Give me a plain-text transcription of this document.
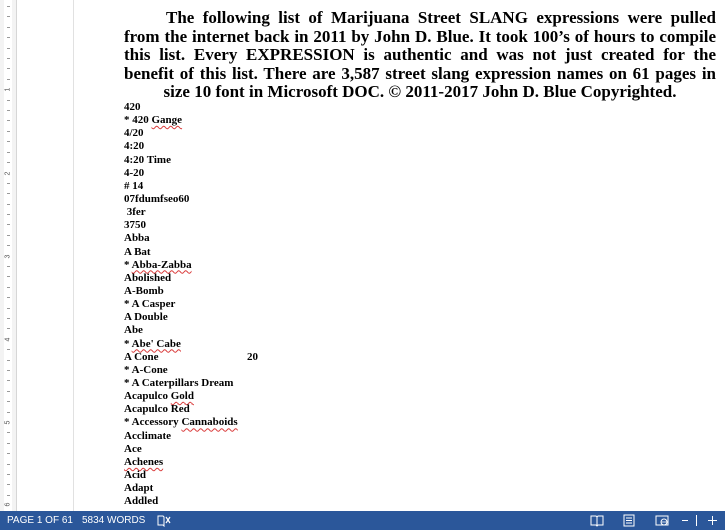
1
2
3
4
5
6
The following list of Marijuana Street SLANG expressions were pulled from the internet back in 2011 by John D. Blue. It took 100’s of hours to compile this list. Every EXPRESSION is authentic and was not just created for the benefit of this list. There are 3,587 street slang expression names on 61 pages in size 10 font in Microsoft DOC. © 2011-2017 John D. Blue Copyrighted.
420
* 420 Gange
4/20
4:20
4:20 Time
4-20
# 14
07fdumfseo60
3fer
3750
Abba
A Bat
* Abba-Zabba
Abolished
A-Bomb
* A Casper
A Double
Abe
* Abe' Cabe
A Cone	20
* A-Cone
* A Caterpillars Dream
Acapulco Gold
Acapulco Red
* Accessory Cannaboids
Acclimate
Ace
Achenes
Acid
Adapt
Addled
PAGE 1 OF 61 5834 WORDS
